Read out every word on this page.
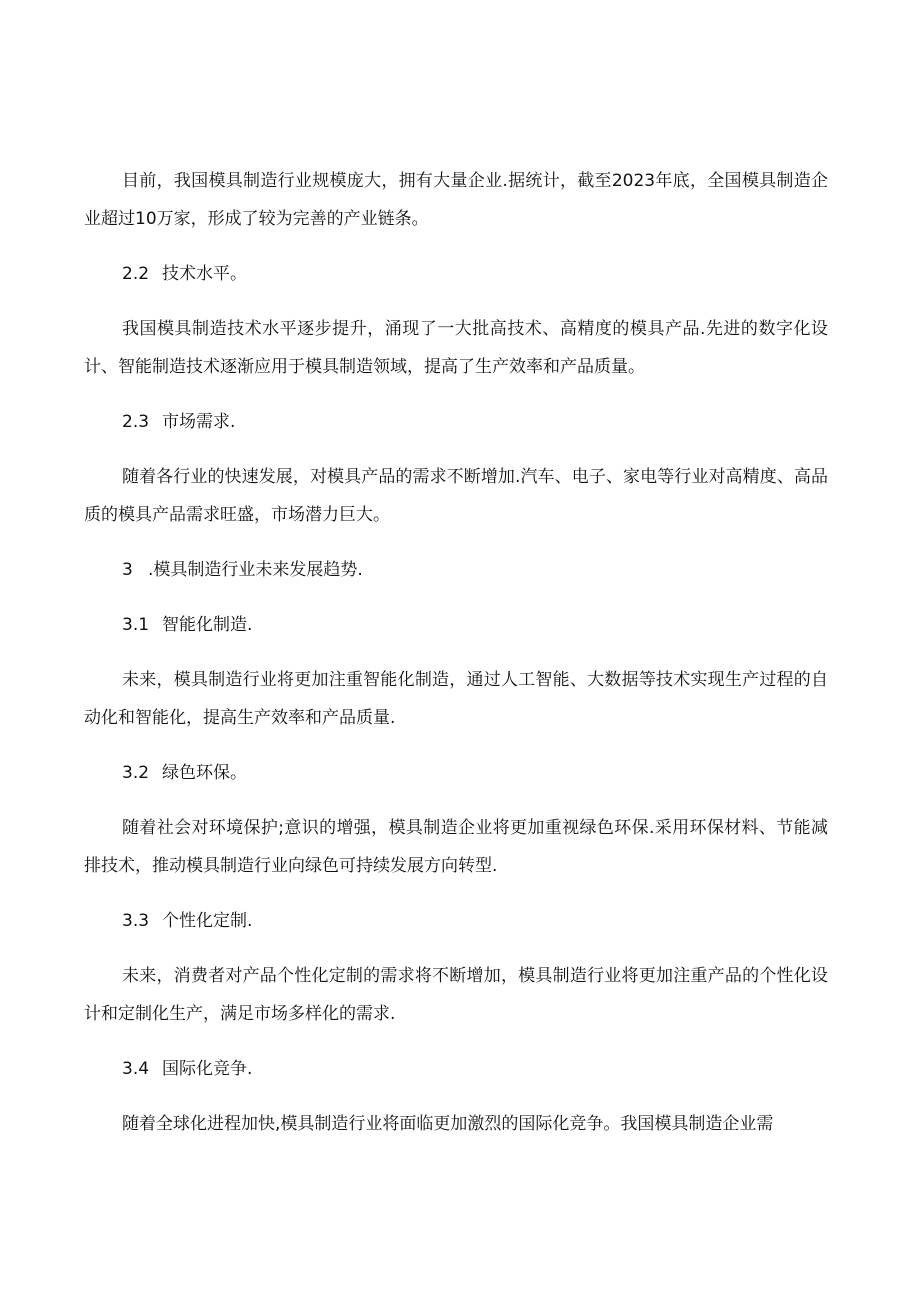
目前，我国模具制造行业规模庞大，拥有大量企业.据统计，截至2023年底，全国模具制造企业超过10万家，形成了较为完善的产业链条。

2.2 技术水平。

我国模具制造技术水平逐步提升，涌现了一大批高技术、高精度的模具产品.先进的数字化设计、智能制造技术逐渐应用于模具制造领域，提高了生产效率和产品质量。

2.3 市场需求.

随着各行业的快速发展，对模具产品的需求不断增加.汽车、电子、家电等行业对高精度、高品质的模具产品需求旺盛，市场潜力巨大。

3 .模具制造行业未来发展趋势.
3.1 智能化制造.

未来，模具制造行业将更加注重智能化制造，通过人工智能、大数据等技术实现生产过程的自动化和智能化，提高生产效率和产品质量.

3.2 绿色环保。

随着社会对环境保护;意识的增强，模具制造企业将更加重视绿色环保.采用环保材料、节能减排技术，推动模具制造行业向绿色可持续发展方向转型.

3.3 个性化定制.

未来，消费者对产品个性化定制的需求将不断增加，模具制造行业将更加注重产品的个性化设计和定制化生产，满足市场多样化的需求.

3.4 国际化竞争.

随着全球化进程加快,模具制造行业将面临更加激烈的国际化竞争。我国模具制造企业需
